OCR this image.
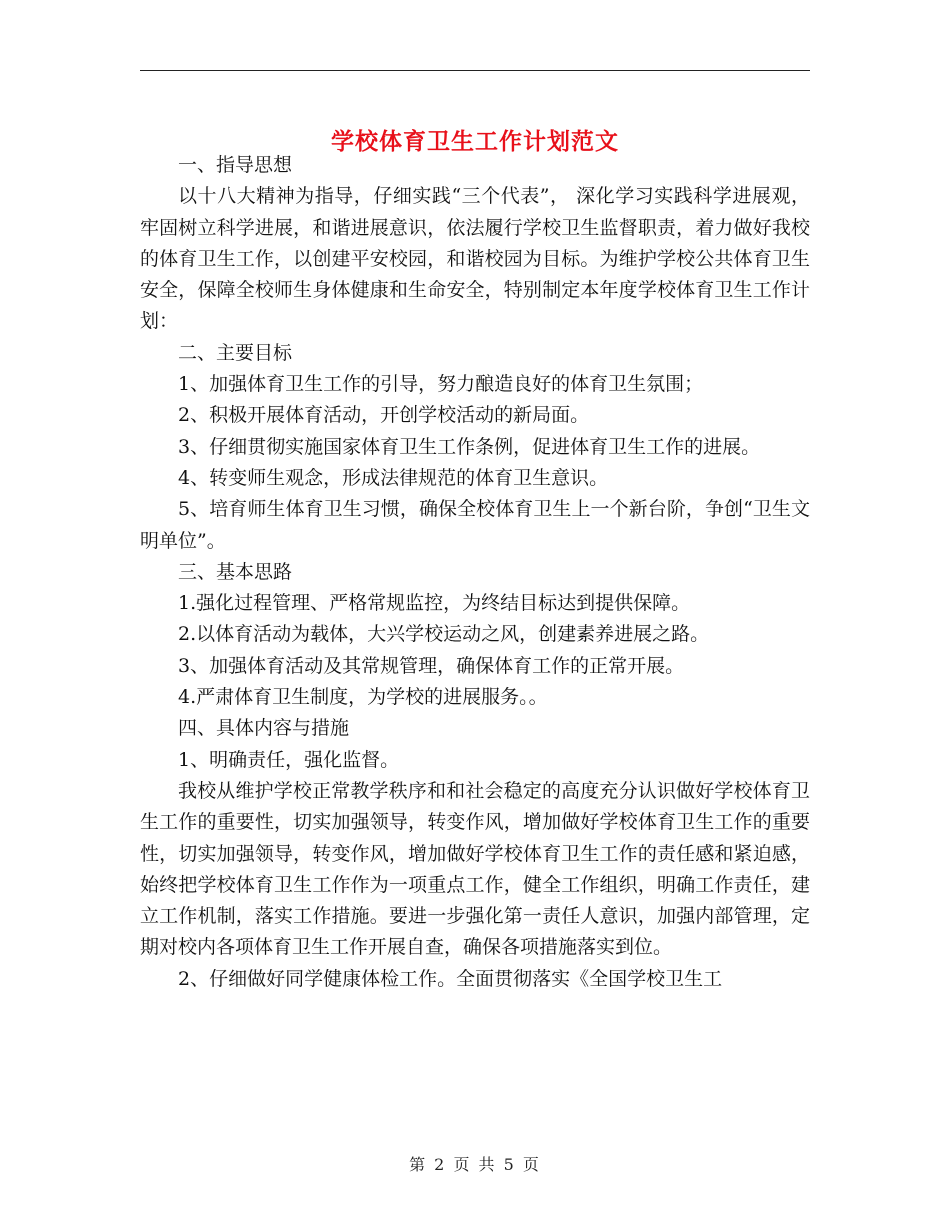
学校体育卫生工作计划范文

一、指导思想

以十八大精神为指导，仔细实践“三个代表”， 深化学习实践科学进展观，牢固树立科学进展，和谐进展意识，依法履行学校卫生监督职责，着力做好我校的体育卫生工作，以创建平安校园，和谐校园为目标。为维护学校公共体育卫生安全，保障全校师生身体健康和生命安全，特别制定本年度学校体育卫生工作计划：

二、主要目标

1、加强体育卫生工作的引导，努力酿造良好的体育卫生氛围；

2、积极开展体育活动，开创学校活动的新局面。

3、仔细贯彻实施国家体育卫生工作条例，促进体育卫生工作的进展。

4、转变师生观念，形成法律规范的体育卫生意识。

5、培育师生体育卫生习惯，确保全校体育卫生上一个新台阶，争创“卫生文明单位”。

三、基本思路

1.强化过程管理、严格常规监控，为终结目标达到提供保障。

2.以体育活动为载体，大兴学校运动之风，创建素养进展之路。

3、加强体育活动及其常规管理，确保体育工作的正常开展。

4.严肃体育卫生制度，为学校的进展服务。。

四、具体内容与措施

1、明确责任，强化监督。

我校从维护学校正常教学秩序和和社会稳定的高度充分认识做好学校体育卫生工作的重要性，切实加强领导，转变作风，增加做好学校体育卫生工作的重要性，切实加强领导，转变作风，增加做好学校体育卫生工作的责任感和紧迫感，始终把学校体育卫生工作作为一项重点工作，健全工作组织，明确工作责任，建立工作机制，落实工作措施。要进一步强化第一责任人意识，加强内部管理，定期对校内各项体育卫生工作开展自查，确保各项措施落实到位。

2、仔细做好同学健康体检工作。全面贯彻落实《全国学校卫生工

第 2 页 共 5 页
